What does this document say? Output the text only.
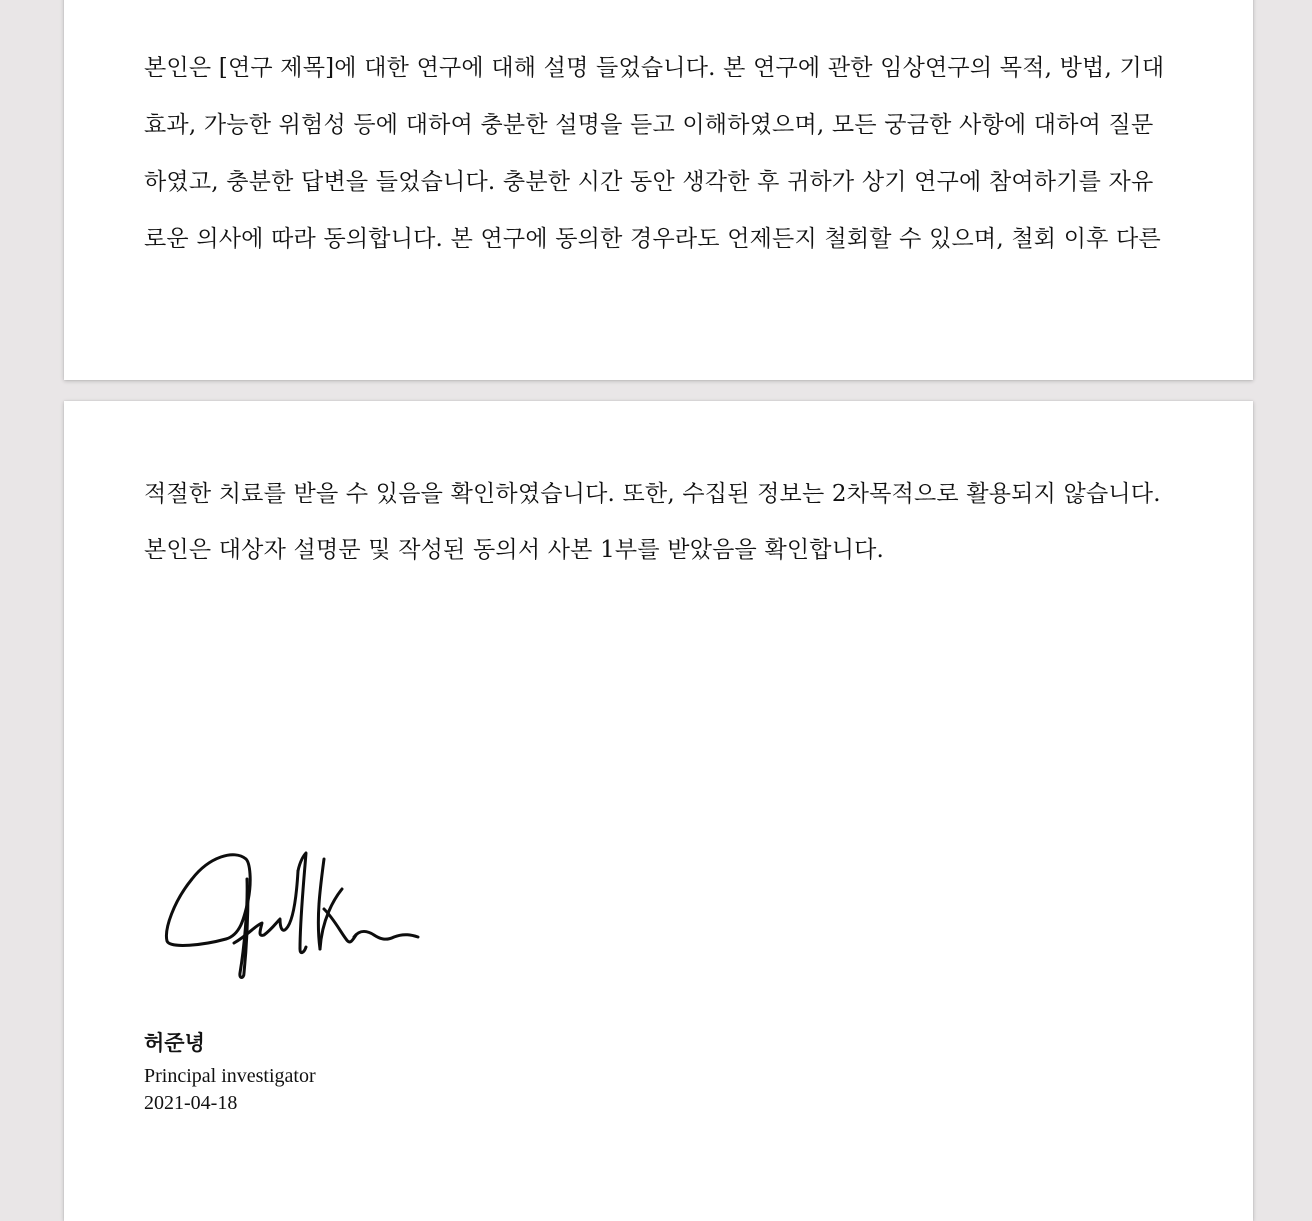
본인은 [연구 제목]에 대한 연구에 대해 설명 들었습니다. 본 연구에 관한 임상연구의 목적, 방법, 기대
효과, 가능한 위험성 등에 대하여 충분한 설명을 듣고 이해하였으며, 모든 궁금한 사항에 대하여 질문
하였고, 충분한 답변을 들었습니다. 충분한 시간 동안 생각한 후 귀하가 상기 연구에 참여하기를 자유
로운 의사에 따라 동의합니다. 본 연구에 동의한 경우라도 언제든지 철회할 수 있으며, 철회 이후 다른
적절한 치료를 받을 수 있음을 확인하였습니다. 또한, 수집된 정보는 2차목적으로 활용되지 않습니다.
본인은 대상자 설명문 및 작성된 동의서 사본 1부를 받았음을 확인합니다.
허준녕
Principal investigator
2021-04-18
